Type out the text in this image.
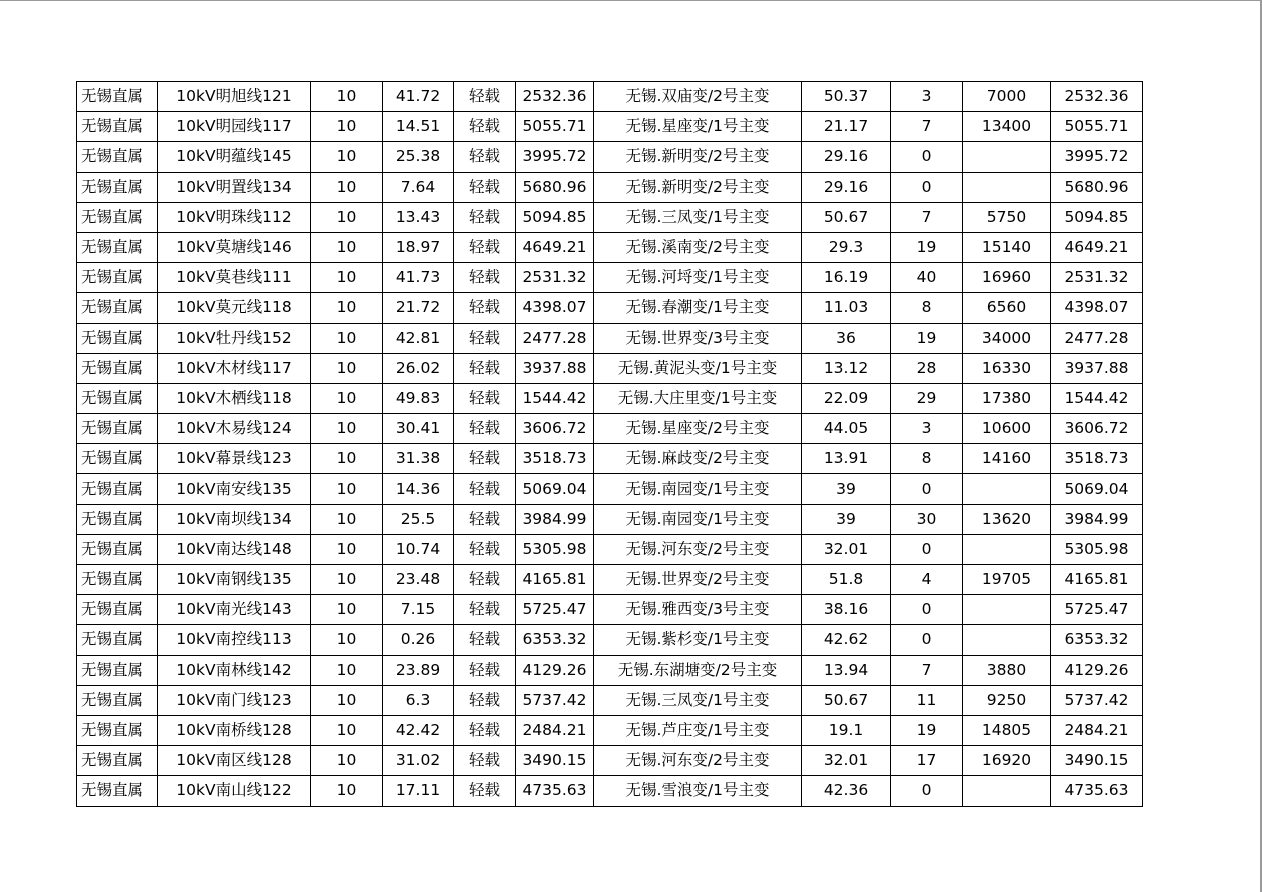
无锡直属	10kV明旭线121	10	41.72	轻载	2532.36	无锡.双庙变/2号主变	50.37	3	7000	2532.36
无锡直属	10kV明园线117	10	14.51	轻载	5055.71	无锡.星座变/1号主变	21.17	7	13400	5055.71
无锡直属	10kV明蕴线145	10	25.38	轻载	3995.72	无锡.新明变/2号主变	29.16	0		3995.72
无锡直属	10kV明置线134	10	7.64	轻载	5680.96	无锡.新明变/2号主变	29.16	0		5680.96
无锡直属	10kV明珠线112	10	13.43	轻载	5094.85	无锡.三凤变/1号主变	50.67	7	5750	5094.85
无锡直属	10kV莫塘线146	10	18.97	轻载	4649.21	无锡.溪南变/2号主变	29.3	19	15140	4649.21
无锡直属	10kV莫巷线111	10	41.73	轻载	2531.32	无锡.河埒变/1号主变	16.19	40	16960	2531.32
无锡直属	10kV莫元线118	10	21.72	轻载	4398.07	无锡.春潮变/1号主变	11.03	8	6560	4398.07
无锡直属	10kV牡丹线152	10	42.81	轻载	2477.28	无锡.世界变/3号主变	36	19	34000	2477.28
无锡直属	10kV木材线117	10	26.02	轻载	3937.88	无锡.黄泥头变/1号主变	13.12	28	16330	3937.88
无锡直属	10kV木栖线118	10	49.83	轻载	1544.42	无锡.大庄里变/1号主变	22.09	29	17380	1544.42
无锡直属	10kV木易线124	10	30.41	轻载	3606.72	无锡.星座变/2号主变	44.05	3	10600	3606.72
无锡直属	10kV幕景线123	10	31.38	轻载	3518.73	无锡.麻歧变/2号主变	13.91	8	14160	3518.73
无锡直属	10kV南安线135	10	14.36	轻载	5069.04	无锡.南园变/1号主变	39	0		5069.04
无锡直属	10kV南坝线134	10	25.5	轻载	3984.99	无锡.南园变/1号主变	39	30	13620	3984.99
无锡直属	10kV南达线148	10	10.74	轻载	5305.98	无锡.河东变/2号主变	32.01	0		5305.98
无锡直属	10kV南钢线135	10	23.48	轻载	4165.81	无锡.世界变/2号主变	51.8	4	19705	4165.81
无锡直属	10kV南光线143	10	7.15	轻载	5725.47	无锡.雅西变/3号主变	38.16	0		5725.47
无锡直属	10kV南控线113	10	0.26	轻载	6353.32	无锡.紫杉变/1号主变	42.62	0		6353.32
无锡直属	10kV南林线142	10	23.89	轻载	4129.26	无锡.东湖塘变/2号主变	13.94	7	3880	4129.26
无锡直属	10kV南门线123	10	6.3	轻载	5737.42	无锡.三凤变/1号主变	50.67	11	9250	5737.42
无锡直属	10kV南桥线128	10	42.42	轻载	2484.21	无锡.芦庄变/1号主变	19.1	19	14805	2484.21
无锡直属	10kV南区线128	10	31.02	轻载	3490.15	无锡.河东变/2号主变	32.01	17	16920	3490.15
无锡直属	10kV南山线122	10	17.11	轻载	4735.63	无锡.雪浪变/1号主变	42.36	0		4735.63
